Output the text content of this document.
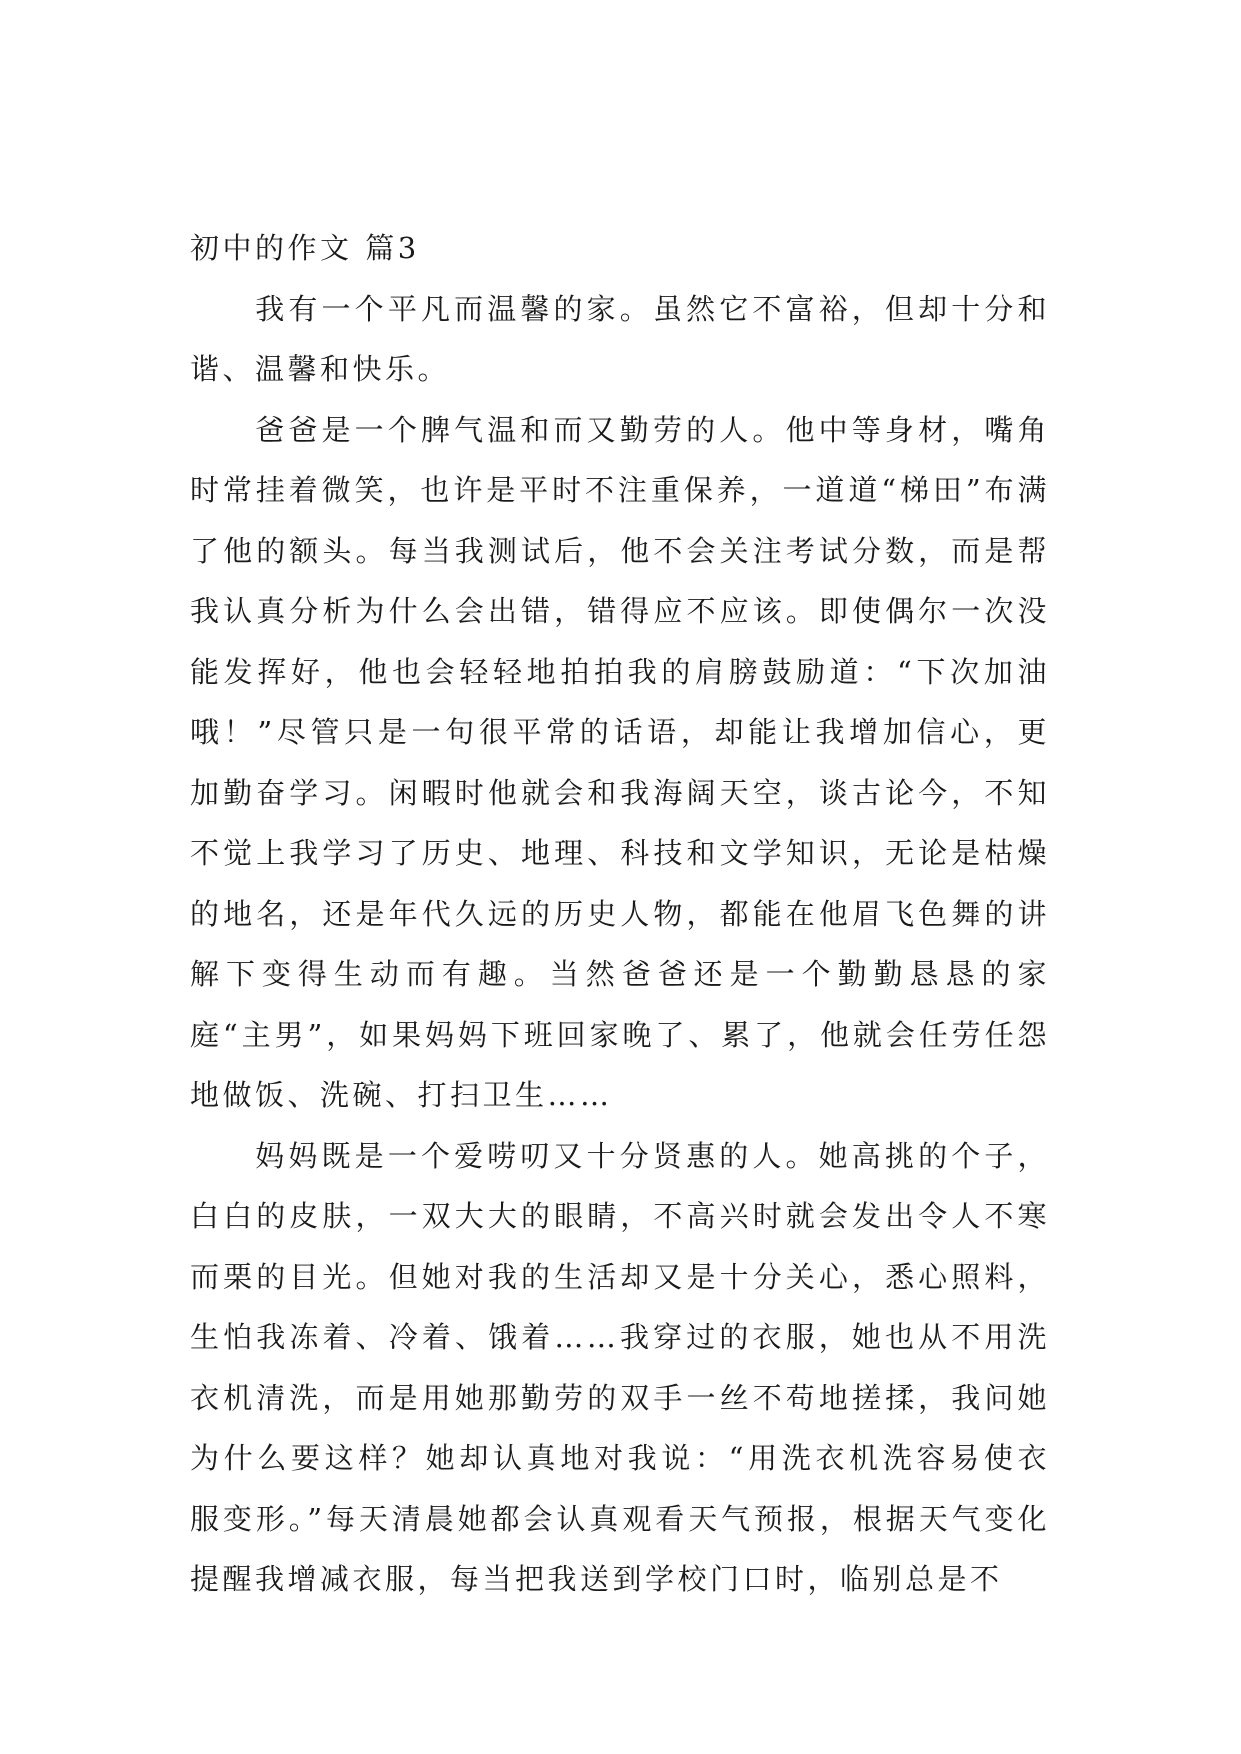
初中的作文 篇3

我有一个平凡而温馨的家。虽然它不富裕，但却十分和谐、温馨和快乐。

爸爸是一个脾气温和而又勤劳的人。他中等身材，嘴角时常挂着微笑，也许是平时不注重保养，一道道“梯田”布满了他的额头。每当我测试后，他不会关注考试分数，而是帮我认真分析为什么会出错，错得应不应该。即使偶尔一次没能发挥好，他也会轻轻地拍拍我的肩膀鼓励道：“下次加油哦！”尽管只是一句很平常的话语，却能让我增加信心，更加勤奋学习。闲暇时他就会和我海阔天空，谈古论今，不知不觉上我学习了历史、地理、科技和文学知识，无论是枯燥的地名，还是年代久远的历史人物，都能在他眉飞色舞的讲解下变得生动而有趣。当然爸爸还是一个勤勤恳恳的家庭“主男”，如果妈妈下班回家晚了、累了，他就会任劳任怨地做饭、洗碗、打扫卫生……

妈妈既是一个爱唠叨又十分贤惠的人。她高挑的个子，白白的皮肤，一双大大的眼睛，不高兴时就会发出令人不寒而栗的目光。但她对我的生活却又是十分关心，悉心照料，生怕我冻着、冷着、饿着……我穿过的衣服，她也从不用洗衣机清洗，而是用她那勤劳的双手一丝不苟地搓揉，我问她为什么要这样？她却认真地对我说：“用洗衣机洗容易使衣服变形。”每天清晨她都会认真观看天气预报，根据天气变化提醒我增减衣服，每当把我送到学校门口时，临别总是不
